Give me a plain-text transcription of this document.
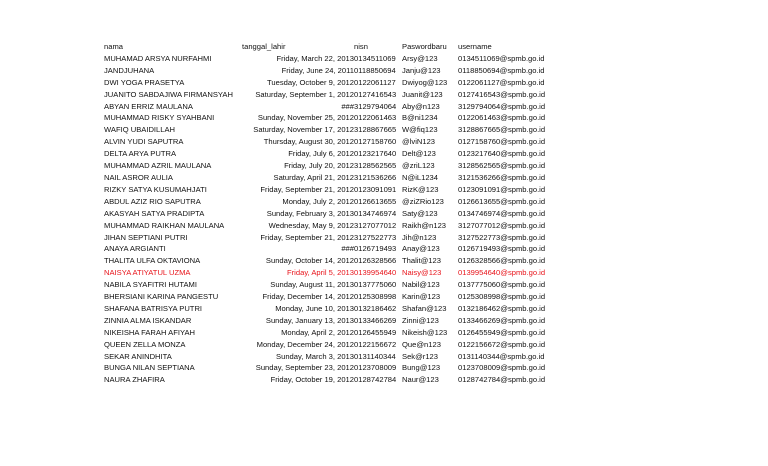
nama	tanggal_lahir	nisn	Paswordbaru	username
MUHAMAD ARSYA NURFAHMI	Friday, March 22, 2013	0134511069	Arsy@123	0134511069@spmb.go.id
JANDJUHANA	Friday, June 24, 2011	0118850694	Janju@123	0118850694@spmb.go.id
DWI YOGA PRASETYA	Tuesday, October 9, 2012	0122061127	Dwiyog@123	0122061127@spmb.go.id
JUANITO SABDAJIWA FIRMANSYAH	Saturday, September 1, 2012	0127416543	Juanit@123	0127416543@spmb.go.id
ABYAN ERRIZ MAULANA	###	3129794064	Aby@n123	3129794064@spmb.go.id
MUHAMMAD RISKY SYAHBANI	Sunday, November 25, 2012	0122061463	B@ni1234	0122061463@spmb.go.id
WAFIQ UBAIDILLAH	Saturday, November 17, 2012	3128867665	W@fiq123	3128867665@spmb.go.id
ALVIN YUDI SAPUTRA	Thursday, August 30, 2012	0127158760	@lviN123	0127158760@spmb.go.id
DELTA ARYA PUTRA	Friday, July 6, 2012	0123217640	Delt@123	0123217640@spmb.go.id
MUHAMMAD AZRIL MAULANA	Friday, July 20, 2012	3128562565	@zriL123	3128562565@spmb.go.id
NAIL ASROR AULIA	Saturday, April 21, 2012	3121536266	N@iL1234	3121536266@spmb.go.id
RIZKY SATYA KUSUMAHJATI	Friday, September 21, 2012	0123091091	RizK@123	0123091091@spmb.go.id
ABDUL AZIZ RIO SAPUTRA	Monday, July 2, 2012	0126613655	@ziZRio123	0126613655@spmb.go.id
AKASYAH SATYA PRADIPTA	Sunday, February 3, 2013	0134746974	Saty@123	0134746974@spmb.go.id
MUHAMMAD RAIKHAN MAULANA	Wednesday, May 9, 2012	3127077012	Raikh@n123	3127077012@spmb.go.id
JIHAN SEPTIANI PUTRI	Friday, September 21, 2012	3127522773	Jih@n123	3127522773@spmb.go.id
ANAYA ARGIANTI	###	0126719493	Anay@123	0126719493@spmb.go.id
THALITA ULFA OKTAVIONA	Sunday, October 14, 2012	0126328566	Thalit@123	0126328566@spmb.go.id
NAISYA ATIYATUL UZMA	Friday, April 5, 2013	0139954640	Naisy@123	0139954640@spmb.go.id
NABILA SYAFITRI HUTAMI	Sunday, August 11, 2013	0137775060	Nabil@123	0137775060@spmb.go.id
BHERSIANI KARINA PANGESTU	Friday, December 14, 2012	0125308998	Karin@123	0125308998@spmb.go.id
SHAFANA BATRISYA PUTRI	Monday, June 10, 2013	0132186462	Shafan@123	0132186462@spmb.go.id
ZINNIA ALMA ISKANDAR	Sunday, January 13, 2013	0133466269	Zinni@123	0133466269@spmb.go.id
NIKEISHA FARAH AFIYAH	Monday, April 2, 2012	0126455949	Nikeish@123	0126455949@spmb.go.id
QUEEN ZELLA MONZA	Monday, December 24, 2012	0122156672	Que@n123	0122156672@spmb.go.id
SEKAR ANINDHITA	Sunday, March 3, 2013	0131140344	Sek@r123	0131140344@spmb.go.id
BUNGA NILAN SEPTIANA	Sunday, September 23, 2012	0123708009	Bung@123	0123708009@spmb.go.id
NAURA ZHAFIRA	Friday, October 19, 2012	0128742784	Naur@123	0128742784@spmb.go.id
